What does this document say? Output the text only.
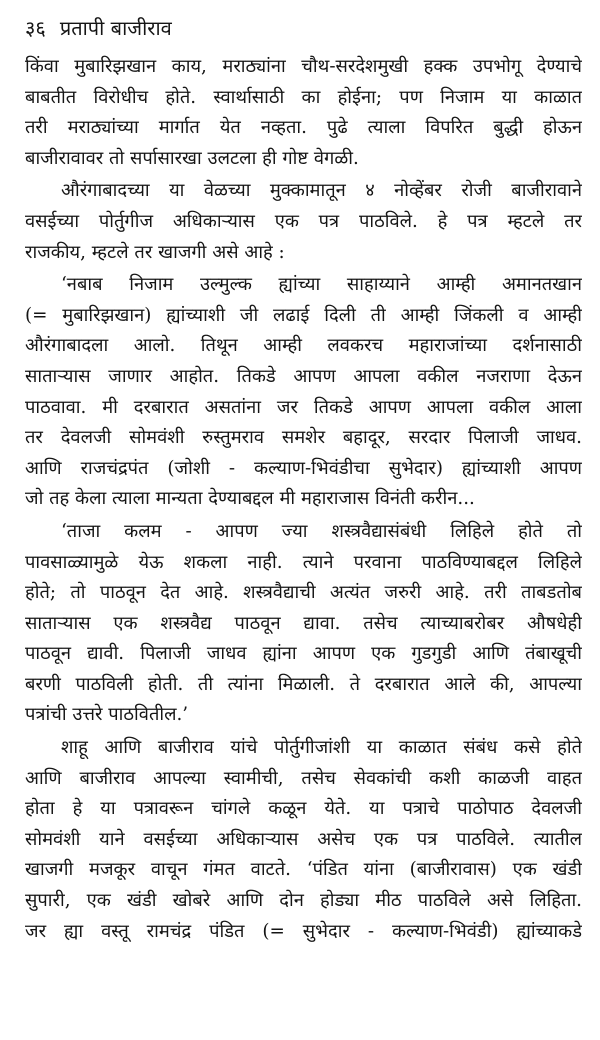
३६ प्रतापी बाजीराव
किंवा मुबारिझखान काय, मराठ्यांना चौथ-सरदेशमुखी हक्क उपभोगू देण्याचे
बाबतीत विरोधीच होते. स्वार्थासाठी का होईना; पण निजाम या काळात
तरी मराठ्यांच्या मार्गात येत नव्हता. पुढे त्याला विपरित बुद्धी होऊन
बाजीरावावर तो सर्पासारखा उलटला ही गोष्ट वेगळी.
औरंगाबादच्या या वेळच्या मुक्कामातून ४ नोव्हेंबर रोजी बाजीरावाने
वसईच्या पोर्तुगीज अधिकाऱ्यास एक पत्र पाठविले. हे पत्र म्हटले तर
राजकीय, म्हटले तर खाजगी असे आहे :
‘नबाब निजाम उल्मुल्क ह्यांच्या साहाय्याने आम्ही अमानतखान
(= मुबारिझखान) ह्यांच्याशी जी लढाई दिली ती आम्ही जिंकली व आम्ही
औरंगाबादला आलो. तिथून आम्ही लवकरच महाराजांच्या दर्शनासाठी
साताऱ्यास जाणार आहोत. तिकडे आपण आपला वकील नजराणा देऊन
पाठवावा. मी दरबारात असतांना जर तिकडे आपण आपला वकील आला
तर देवलजी सोमवंशी रुस्तुमराव समशेर बहादूर, सरदार पिलाजी जाधव.
आणि राजचंद्रपंत (जोशी - कल्याण-भिवंडीचा सुभेदार) ह्यांच्याशी आपण
जो तह केला त्याला मान्यता देण्याबद्दल मी महाराजास विनंती करीन...
‘ताजा कलम - आपण ज्या शस्त्रवैद्यासंबंधी लिहिले होते तो
पावसाळ्यामुळे येऊ शकला नाही. त्याने परवाना पाठविण्याबद्दल लिहिले
होते; तो पाठवून देत आहे. शस्त्रवैद्याची अत्यंत जरुरी आहे. तरी ताबडतोब
साताऱ्यास एक शस्त्रवैद्य पाठवून द्यावा. तसेच त्याच्याबरोबर औषधेही
पाठवून द्यावी. पिलाजी जाधव ह्यांना आपण एक गुडगुडी आणि तंबाखूची
बरणी पाठविली होती. ती त्यांना मिळाली. ते दरबारात आले की, आपल्या
पत्रांची उत्तरे पाठवितील.’
शाहू आणि बाजीराव यांचे पोर्तुगीजांशी या काळात संबंध कसे होते
आणि बाजीराव आपल्या स्वामीची, तसेच सेवकांची कशी काळजी वाहत
होता हे या पत्रावरून चांगले कळून येते. या पत्राचे पाठोपाठ देवलजी
सोमवंशी याने वसईच्या अधिकाऱ्यास असेच एक पत्र पाठविले. त्यातील
खाजगी मजकूर वाचून गंमत वाटते. ‘पंडित यांना (बाजीरावास) एक खंडी
सुपारी, एक खंडी खोबरे आणि दोन होड्या मीठ पाठविले असे लिहिता.
जर ह्या वस्तू रामचंद्र पंडित (= सुभेदार - कल्याण-भिवंडी) ह्यांच्याकडे
